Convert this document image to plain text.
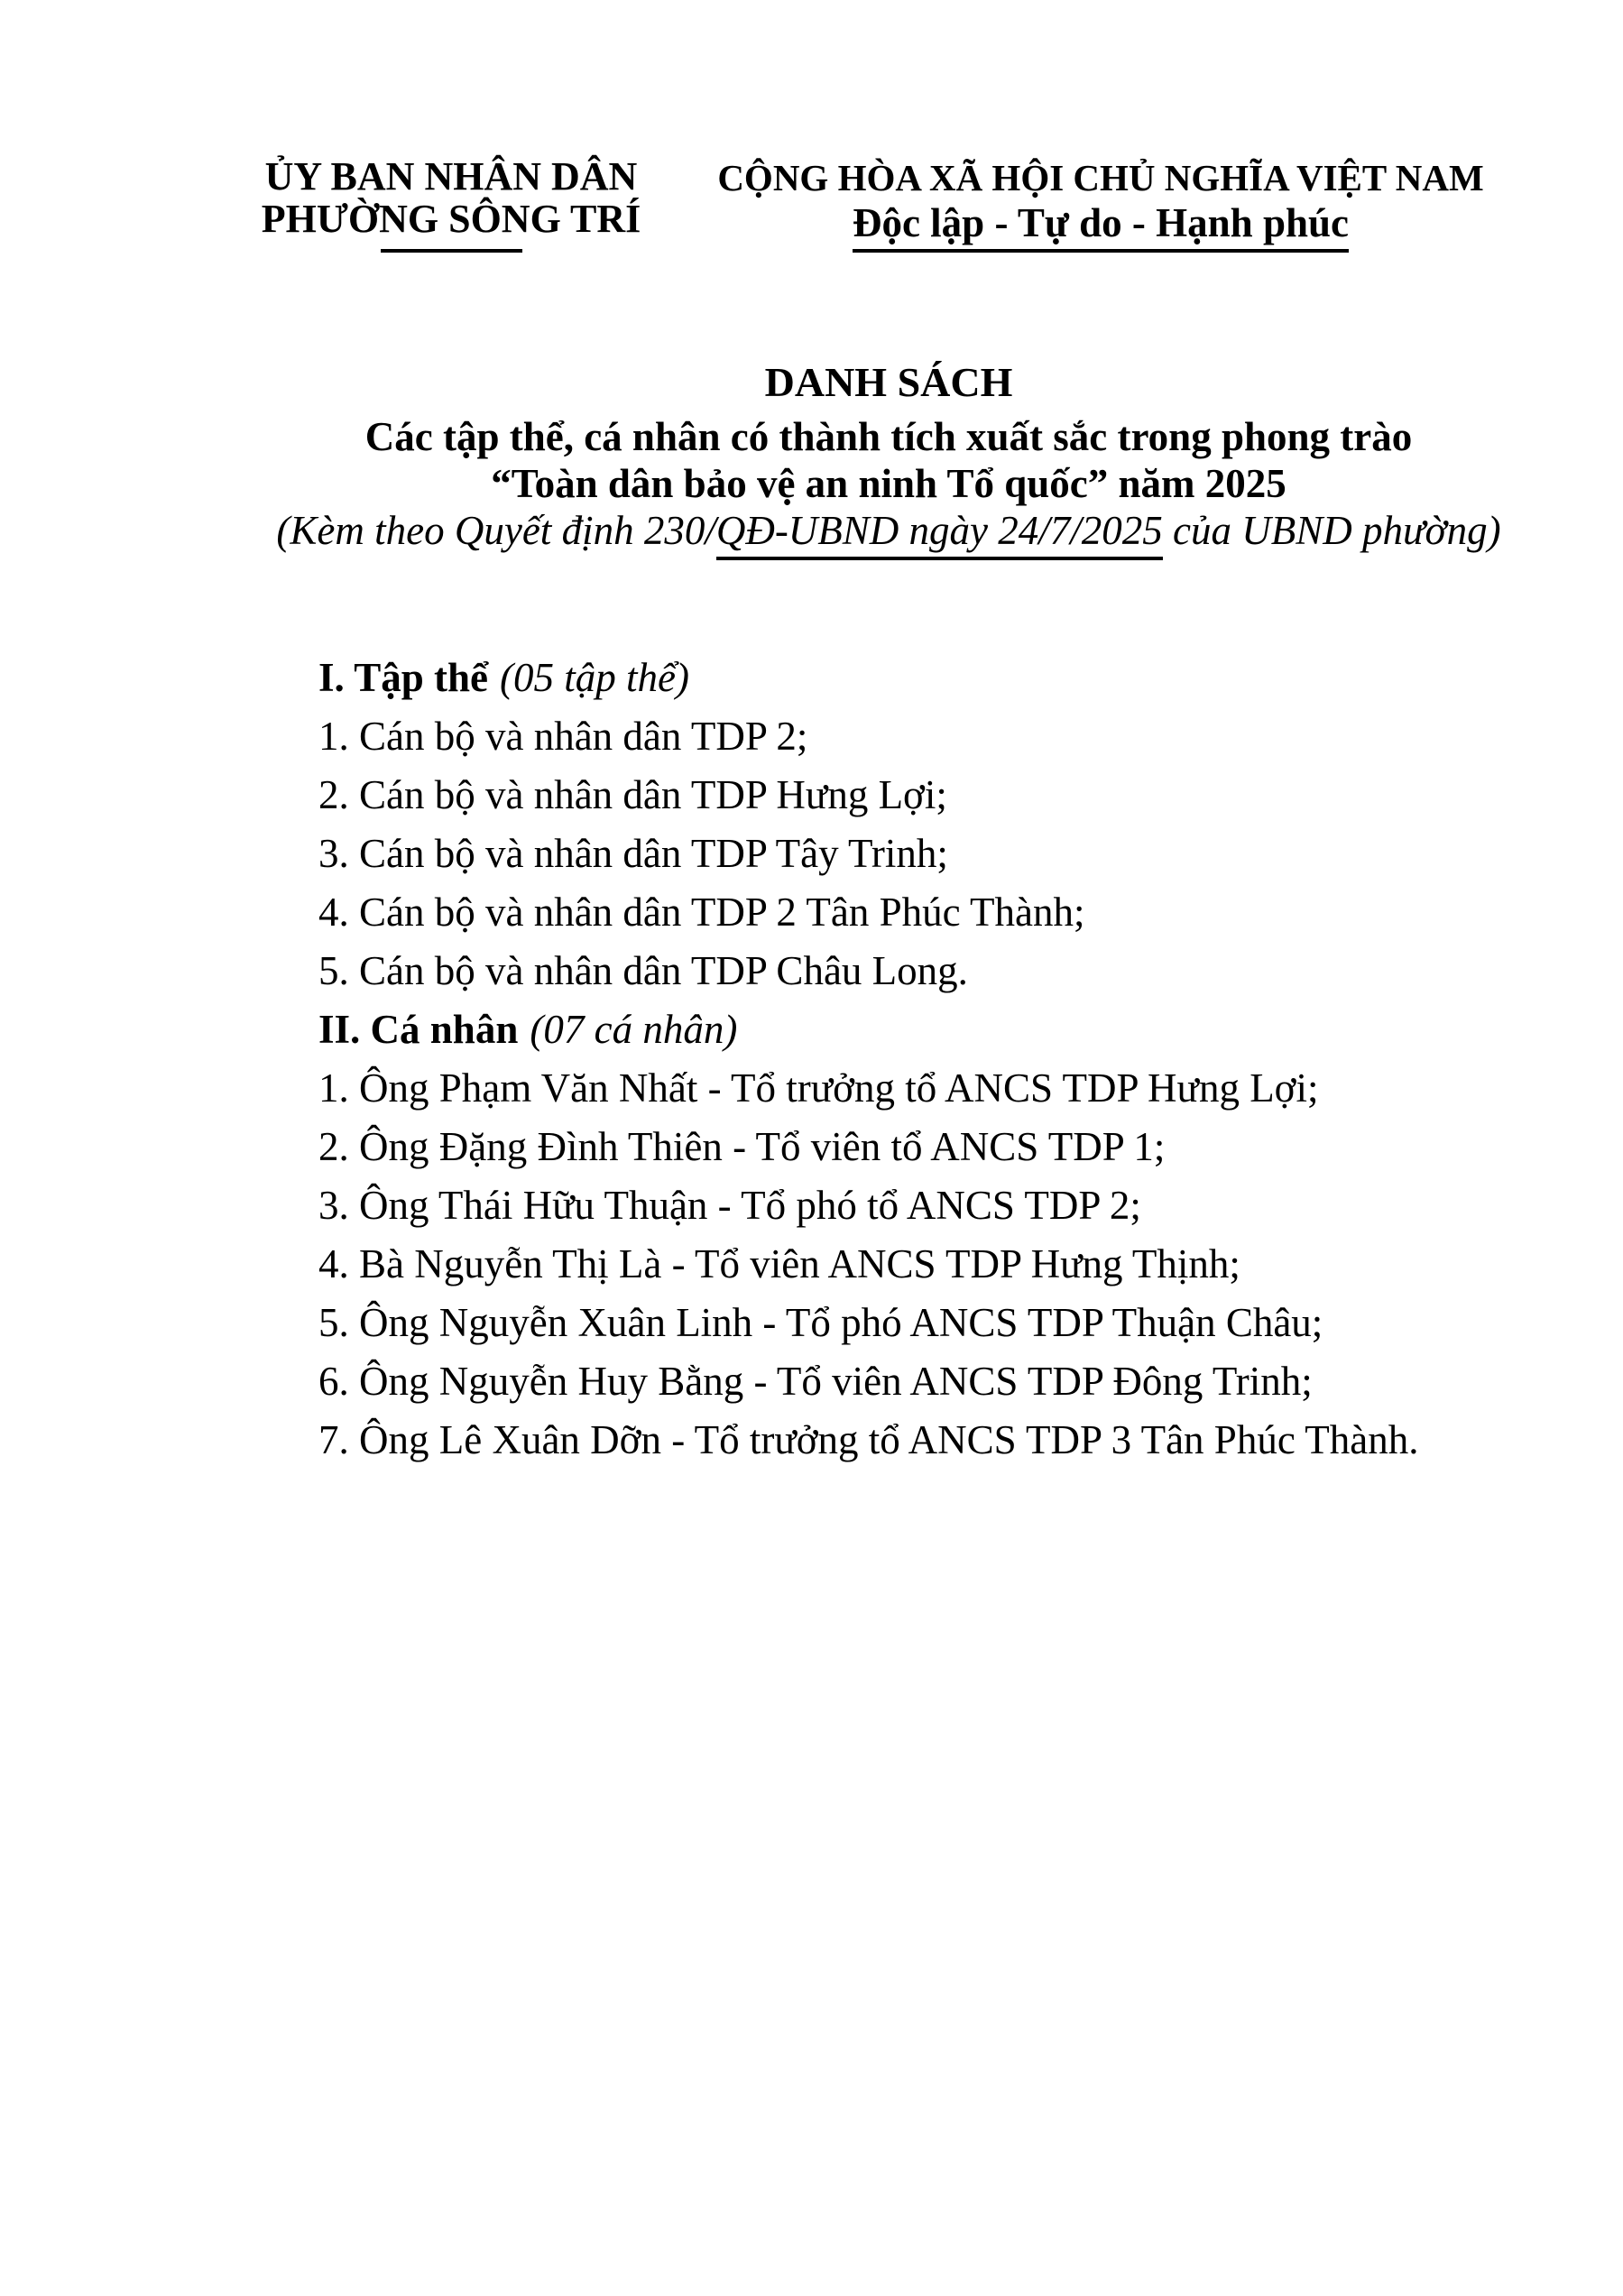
ỦY BAN NHÂN DÂN
PHƯỜNG SÔNG TRÍ
CỘNG HÒA XÃ HỘI CHỦ NGHĨA VIỆT NAM
Độc lập - Tự do - Hạnh phúc

DANH SÁCH

Các tập thể, cá nhân có thành tích xuất sắc trong phong trào

“Toàn dân bảo vệ an ninh Tổ quốc” năm 2025

(Kèm theo Quyết định 230/QĐ-UBND ngày 24/7/2025 của UBND phường)

I. Tập thể (05 tập thể)

1. Cán bộ và nhân dân TDP 2;

2. Cán bộ và nhân dân TDP Hưng Lợi;

3. Cán bộ và nhân dân TDP Tây Trinh;

4. Cán bộ và nhân dân TDP 2 Tân Phúc Thành;

5. Cán bộ và nhân dân TDP Châu Long.

II. Cá nhân (07 cá nhân)

1. Ông Phạm Văn Nhất - Tổ trưởng tổ ANCS TDP Hưng Lợi;

2. Ông Đặng Đình Thiên - Tổ viên tổ ANCS TDP 1;

3. Ông Thái Hữu Thuận - Tổ phó tổ ANCS TDP 2;

4. Bà Nguyễn Thị Là - Tổ viên ANCS TDP Hưng Thịnh;

5. Ông Nguyễn Xuân Linh - Tổ phó ANCS TDP Thuận Châu;

6. Ông Nguyễn Huy Bằng - Tổ viên ANCS TDP Đông Trinh;

7. Ông Lê Xuân Dỡn - Tổ trưởng tổ ANCS TDP 3 Tân Phúc Thành.
